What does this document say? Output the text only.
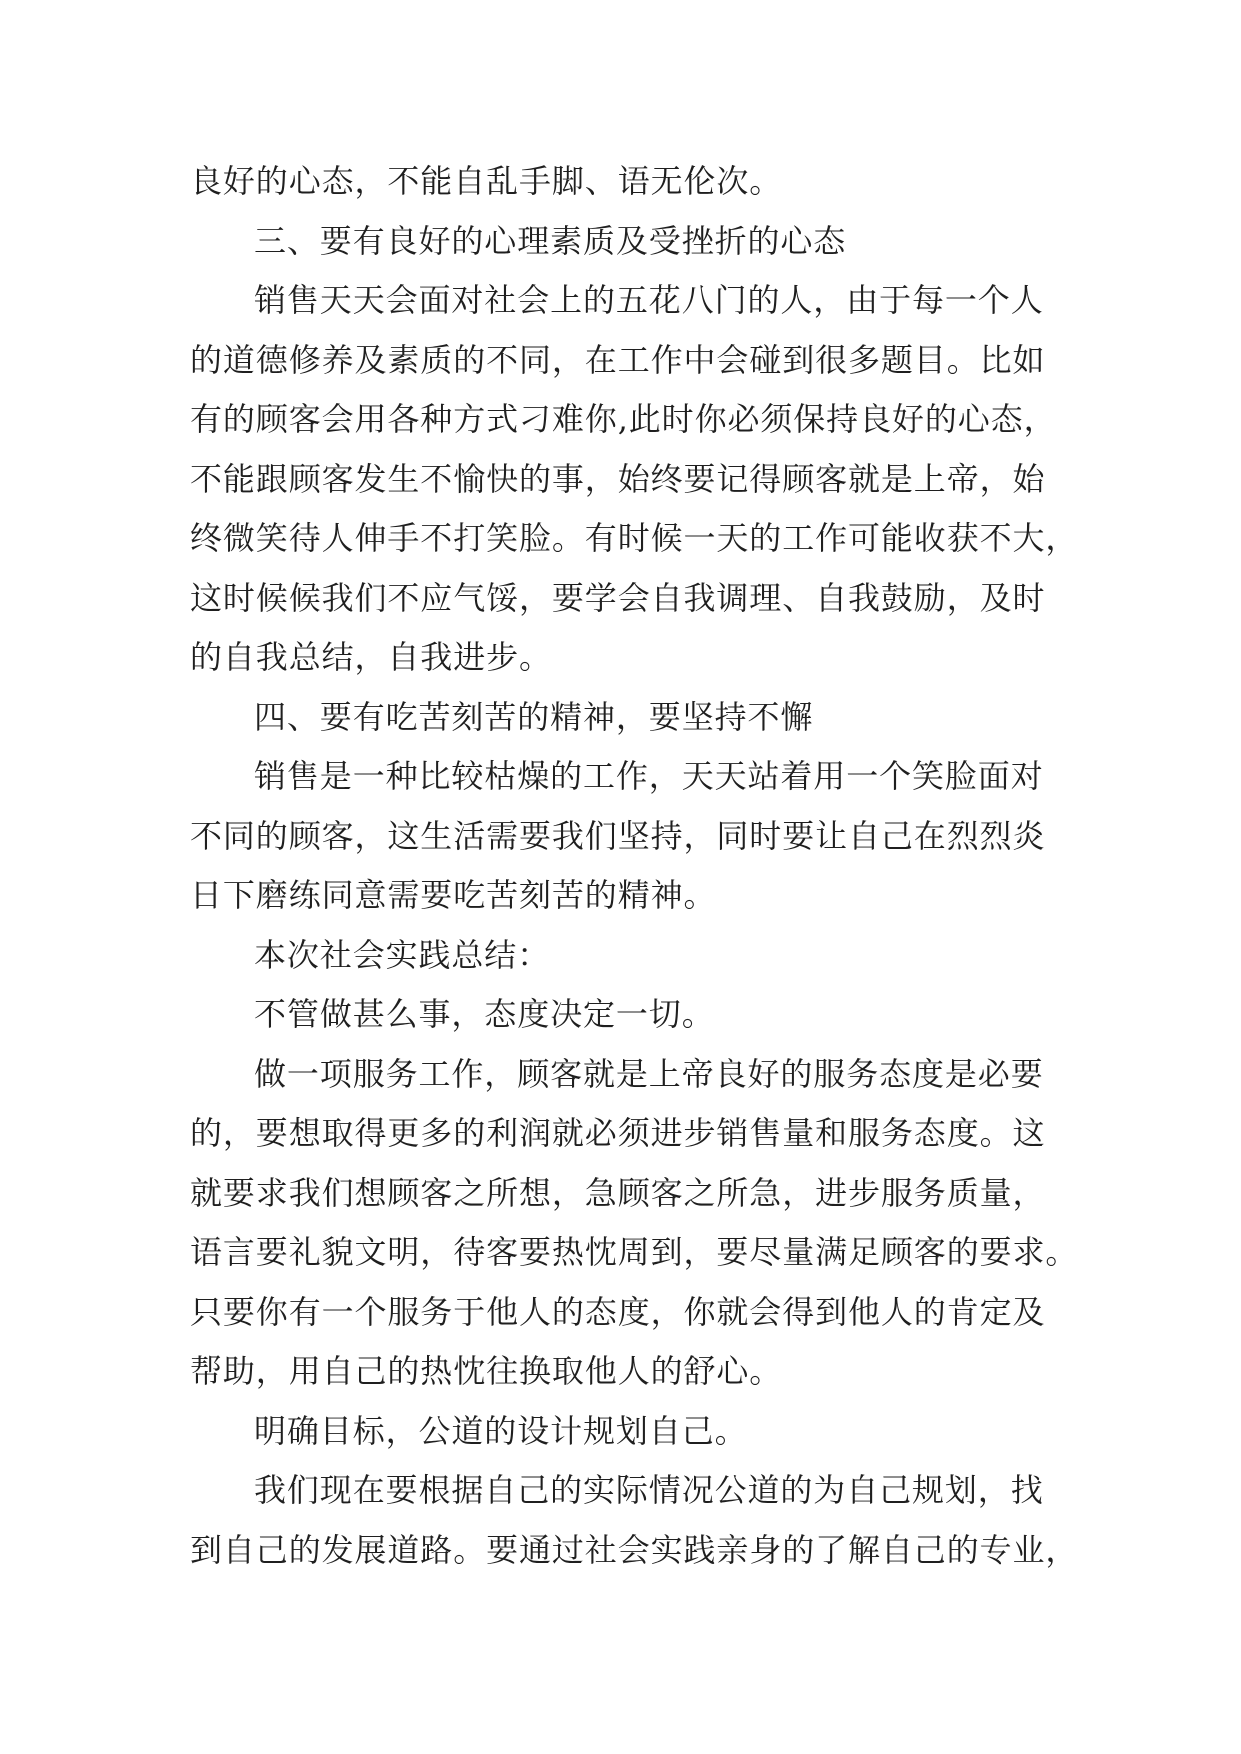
良好的心态，不能自乱手脚、语无伦次。
三、要有良好的心理素质及受挫折的心态
销售天天会面对社会上的五花八门的人，由于每一个人
的道德修养及素质的不同，在工作中会碰到很多题目。比如
有的顾客会用各种方式刁难你,此时你必须保持良好的心态，
不能跟顾客发生不愉快的事，始终要记得顾客就是上帝，始
终微笑待人伸手不打笑脸。有时候一天的工作可能收获不大，
这时候候我们不应气馁，要学会自我调理、自我鼓励，及时
的自我总结，自我进步。
四、要有吃苦刻苦的精神，要坚持不懈
销售是一种比较枯燥的工作，天天站着用一个笑脸面对
不同的顾客，这生活需要我们坚持，同时要让自己在烈烈炎
日下磨练同意需要吃苦刻苦的精神。
本次社会实践总结：
不管做甚么事，态度决定一切。
做一项服务工作，顾客就是上帝良好的服务态度是必要
的，要想取得更多的利润就必须进步销售量和服务态度。这
就要求我们想顾客之所想，急顾客之所急，进步服务质量，
语言要礼貌文明，待客要热忱周到，要尽量满足顾客的要求。
只要你有一个服务于他人的态度，你就会得到他人的肯定及
帮助，用自己的热忱往换取他人的舒心。
明确目标，公道的设计规划自己。
我们现在要根据自己的实际情况公道的为自己规划，找
到自己的发展道路。要通过社会实践亲身的了解自己的专业，
